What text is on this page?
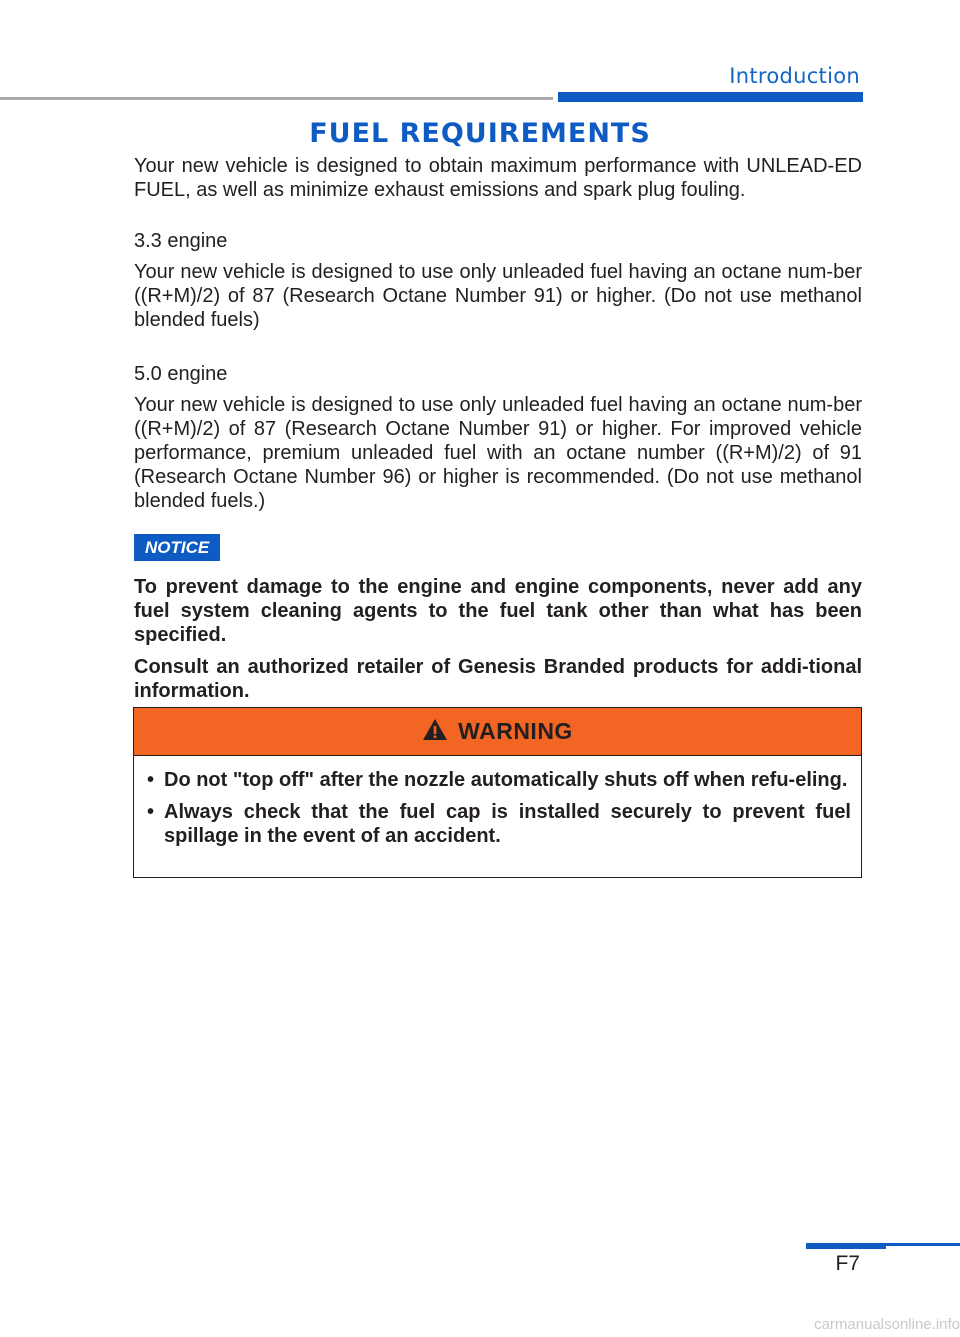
Introduction
FUEL REQUIREMENTS

Your new vehicle is designed to obtain maximum performance with UNLEAD-ED FUEL, as well as minimize exhaust emissions and spark plug fouling.

3.3 engine

Your new vehicle is designed to use only unleaded fuel having an octane num-ber ((R+M)/2) of 87 (Research Octane Number 91) or higher. (Do not use methanol blended fuels)

5.0 engine

Your new vehicle is designed to use only unleaded fuel having an octane num-ber ((R+M)/2) of 87 (Research Octane Number 91) or higher. For improved vehicle performance, premium unleaded fuel with an octane number ((R+M)/2) of 91 (Research Octane Number 96) or higher is recommended. (Do not use methanol blended fuels.)

NOTICE

To prevent damage to the engine and engine components, never add any fuel system cleaning agents to the fuel tank other than what has been specified.

Consult an authorized retailer of Genesis Branded products for addi-tional information.

WARNING
• Do not "top off" after the nozzle automatically shuts off when refu-eling.
• Always check that the fuel cap is installed securely to prevent fuel spillage in the event of an accident.
F7
carmanualsonline.info
